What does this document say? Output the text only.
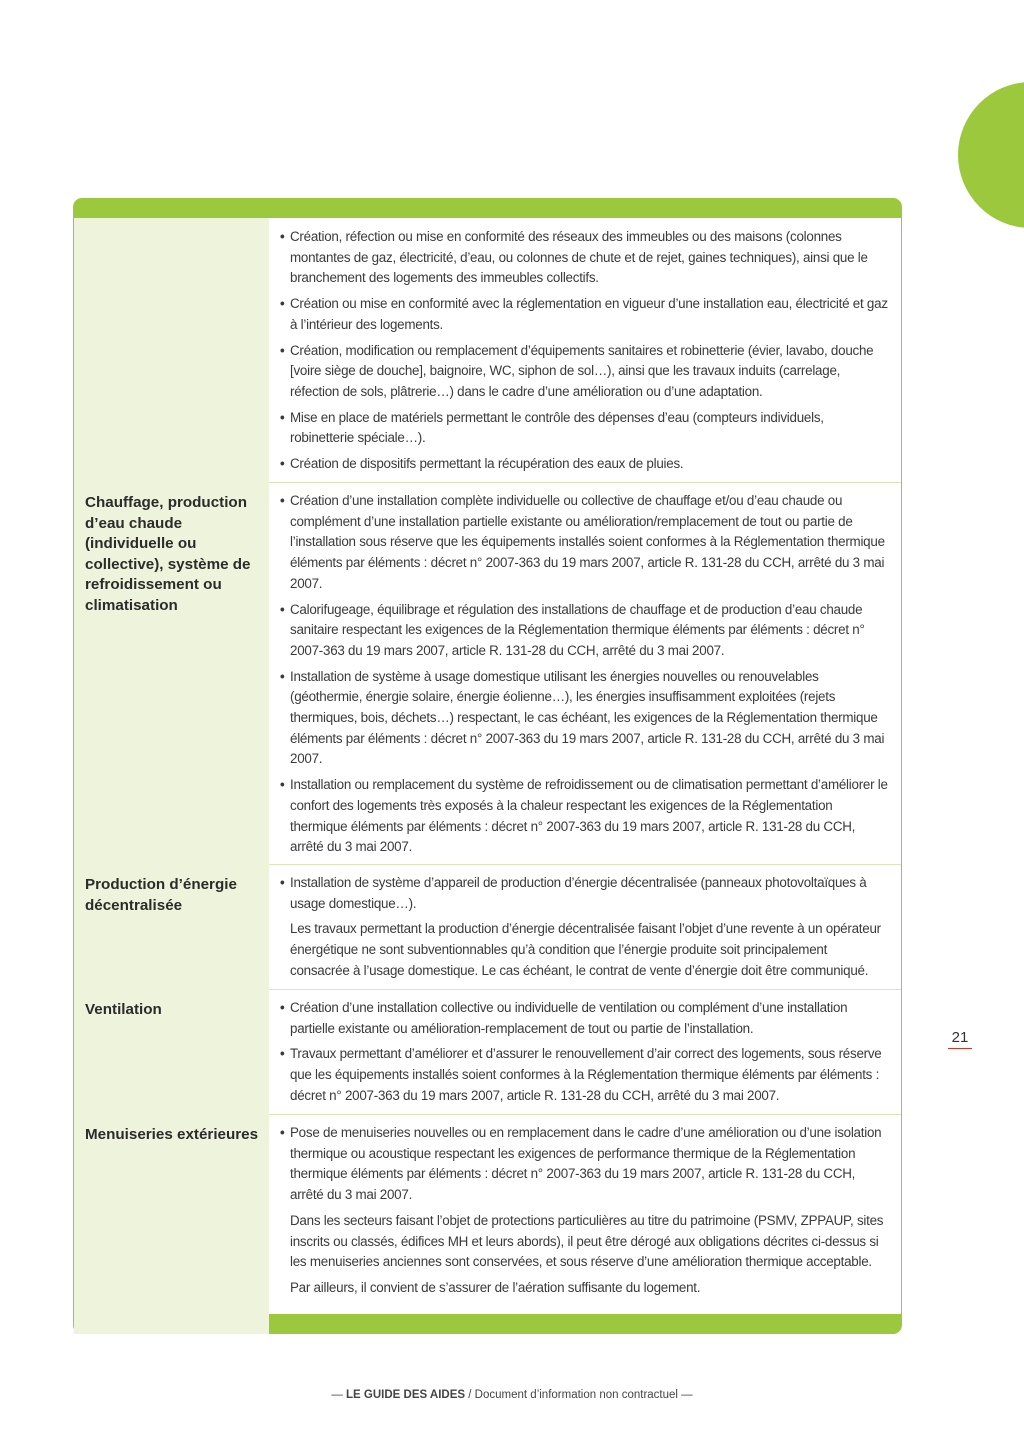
• Création, réfection ou mise en conformité des réseaux des immeubles ou des maisons (colonnes montantes de gaz, électricité, d’eau, ou colonnes de chute et de rejet, gaines techniques), ainsi que le branchement des logements des immeubles collectifs.
• Création ou mise en conformité avec la réglementation en vigueur d’une installation eau, électricité et gaz à l’intérieur des logements.
• Création, modification ou remplacement d’équipements sanitaires et robinetterie (évier, lavabo, douche [voire siège de douche], baignoire, WC, siphon de sol…), ainsi que les travaux induits (carrelage, réfection de sols, plâtrerie…) dans le cadre d’une amélioration ou d’une adaptation.
• Mise en place de matériels permettant le contrôle des dépenses d’eau (compteurs individuels, robinetterie spéciale…).
• Création de dispositifs permettant la récupération des eaux de pluies.
Chauffage, production d’eau chaude (individuelle ou collective), système de refroidissement ou climatisation
• Création d’une installation complète individuelle ou collective de chauffage et/ou d’eau chaude ou complément d’une installation partielle existante ou amélioration/remplacement de tout ou partie de l’installation sous réserve que les équipements installés soient conformes à la Réglementation thermique éléments par éléments : décret n° 2007-363 du 19 mars 2007, article R. 131-28 du CCH, arrêté du 3 mai 2007.
• Calorifugeage, équilibrage et régulation des installations de chauffage et de production d’eau chaude sanitaire respectant les exigences de la Réglementation thermique éléments par éléments : décret n° 2007-363 du 19 mars 2007, article R. 131-28 du CCH, arrêté du 3 mai 2007.
• Installation de système à usage domestique utilisant les énergies nouvelles ou renouvelables (géothermie, énergie solaire, énergie éolienne…), les énergies insuffisamment exploitées (rejets thermiques, bois, déchets…) respectant, le cas échéant, les exigences de la Réglementation thermique éléments par éléments : décret n° 2007-363 du 19 mars 2007, article R. 131-28 du CCH, arrêté du 3 mai 2007.
• Installation ou remplacement du système de refroidissement ou de climatisation permettant d’améliorer le confort des logements très exposés à la chaleur respectant les exigences de la Réglementation thermique éléments par éléments : décret n° 2007-363 du 19 mars 2007, article R. 131-28 du CCH, arrêté du 3 mai 2007.
Production d’énergie décentralisée
• Installation de système d’appareil de production d’énergie décentralisée (panneaux photovoltaïques à usage domestique…).
Les travaux permettant la production d’énergie décentralisée faisant l’objet d’une revente à un opérateur énergétique ne sont subventionnables qu’à condition que l’énergie produite soit principalement consacrée à l’usage domestique. Le cas échéant, le contrat de vente d’énergie doit être communiqué.
Ventilation	• Création d’une installation collective ou individuelle de ventilation ou complément d’une installation partielle existante ou amélioration-remplacement de tout ou partie de l’installation.
• Travaux permettant d’améliorer et d’assurer le renouvellement d’air correct des logements, sous réserve que les équipements installés soient conformes à la Réglementation thermique éléments par éléments : décret n° 2007-363 du 19 mars 2007, article R. 131-28 du CCH, arrêté du 3 mai 2007.
Menuiseries extérieures	• Pose de menuiseries nouvelles ou en remplacement dans le cadre d’une amélioration ou d’une isolation thermique ou acoustique respectant les exigences de performance thermique de la Réglementation thermique éléments par éléments : décret n° 2007-363 du 19 mars 2007, article R. 131-28 du CCH, arrêté du 3 mai 2007.
Dans les secteurs faisant l’objet de protections particulières au titre du patrimoine (PSMV, ZPPAUP, sites inscrits ou classés, édifices MH et leurs abords), il peut être dérogé aux obligations décrites ci-dessus si les menuiseries anciennes sont conservées, et sous réserve d’une amélioration thermique acceptable.
Par ailleurs, il convient de s’assurer de l’aération suffisante du logement.
21
— LE GUIDE DES AIDES / Document d’information non contractuel —
